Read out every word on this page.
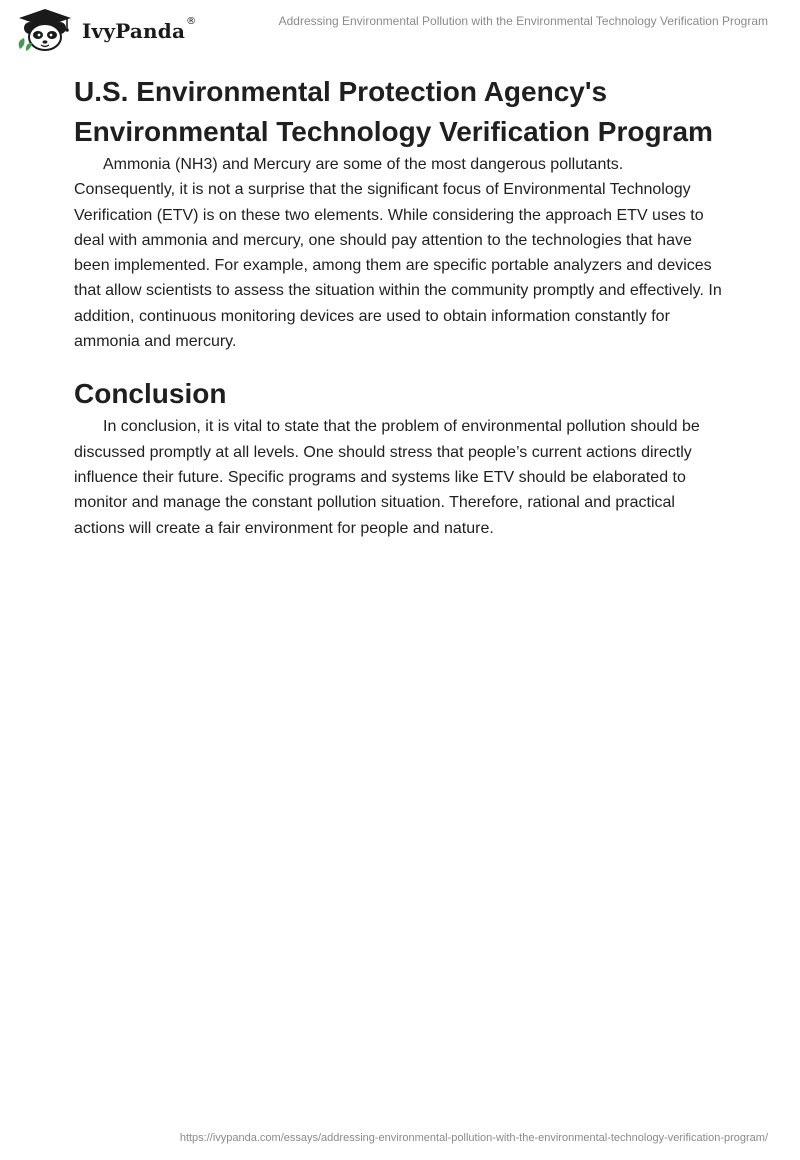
IvyPanda ®	Addressing Environmental Pollution with the Environmental Technology Verification Program
U.S. Environmental Protection Agency's Environmental Technology Verification Program

Ammonia (NH3) and Mercury are some of the most dangerous pollutants. Consequently, it is not a surprise that the significant focus of Environmental Technology Verification (ETV) is on these two elements. While considering the approach ETV uses to deal with ammonia and mercury, one should pay attention to the technologies that have been implemented. For example, among them are specific portable analyzers and devices that allow scientists to assess the situation within the community promptly and effectively. In addition, continuous monitoring devices are used to obtain information constantly for ammonia and mercury.

Conclusion

In conclusion, it is vital to state that the problem of environmental pollution should be discussed promptly at all levels. One should stress that people’s current actions directly influence their future. Specific programs and systems like ETV should be elaborated to monitor and manage the constant pollution situation. Therefore, rational and practical actions will create a fair environment for people and nature.

https://ivypanda.com/essays/addressing-environmental-pollution-with-the-environmental-technology-verification-program/
